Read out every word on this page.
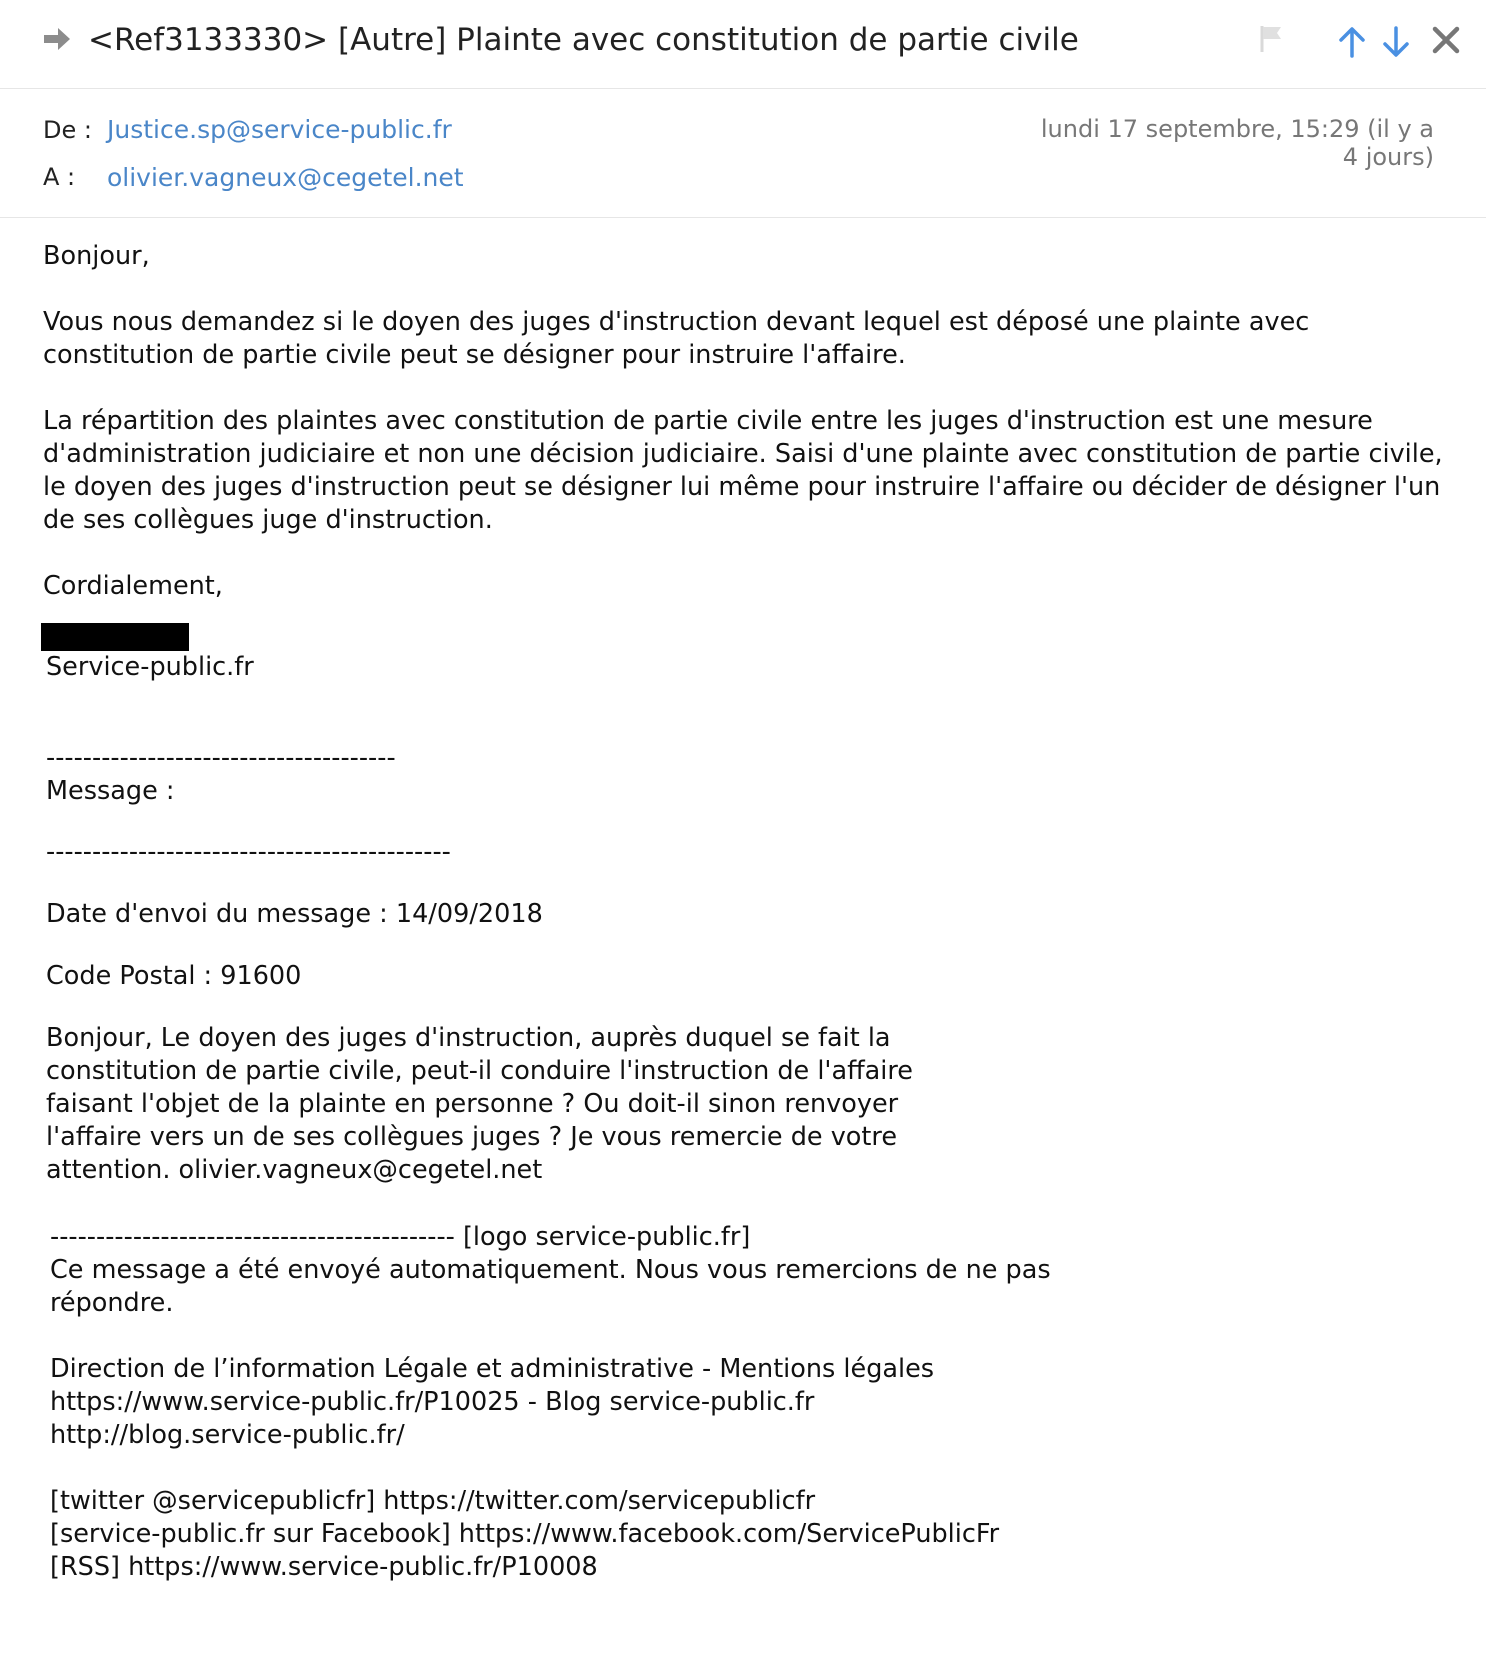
<Ref3133330> [Autre] Plainte avec constitution de partie civile
De : Justice.sp@service-public.fr
A : olivier.vagneux@cegetel.net
lundi 17 septembre, 15:29 (il y a 4 jours)

Bonjour,

Vous nous demandez si le doyen des juges d'instruction devant lequel est déposé une plainte avec constitution de partie civile peut se désigner pour instruire l'affaire.

La répartition des plaintes avec constitution de partie civile entre les juges d'instruction est une mesure d'administration judiciaire et non une décision judiciaire. Saisi d'une plainte avec constitution de partie civile, le doyen des juges d'instruction peut se désigner lui même pour instruire l'affaire ou décider de désigner l'un de ses collègues juge d'instruction.

Cordialement,

Service-public.fr

--------------------------------------

Message :

--------------------------------------------

Date d'envoi du message : 14/09/2018

Code Postal : 91600

Bonjour, Le doyen des juges d'instruction, auprès duquel se fait la
constitution de partie civile, peut-il conduire l'instruction de l'affaire
faisant l'objet de la plainte en personne ? Ou doit-il sinon renvoyer
l'affaire vers un de ses collègues juges ? Je vous remercie de votre
attention. olivier.vagneux@cegetel.net
-------------------------------------------- [logo service-public.fr]
Ce message a été envoyé automatiquement. Nous vous remercions de ne pas
répondre.
Direction de l’information Légale et administrative - Mentions légales
https://www.service-public.fr/P10025 - Blog service-public.fr
http://blog.service-public.fr/
[twitter @servicepublicfr] https://twitter.com/servicepublicfr
[service-public.fr sur Facebook] https://www.facebook.com/ServicePublicFr
[RSS] https://www.service-public.fr/P10008
